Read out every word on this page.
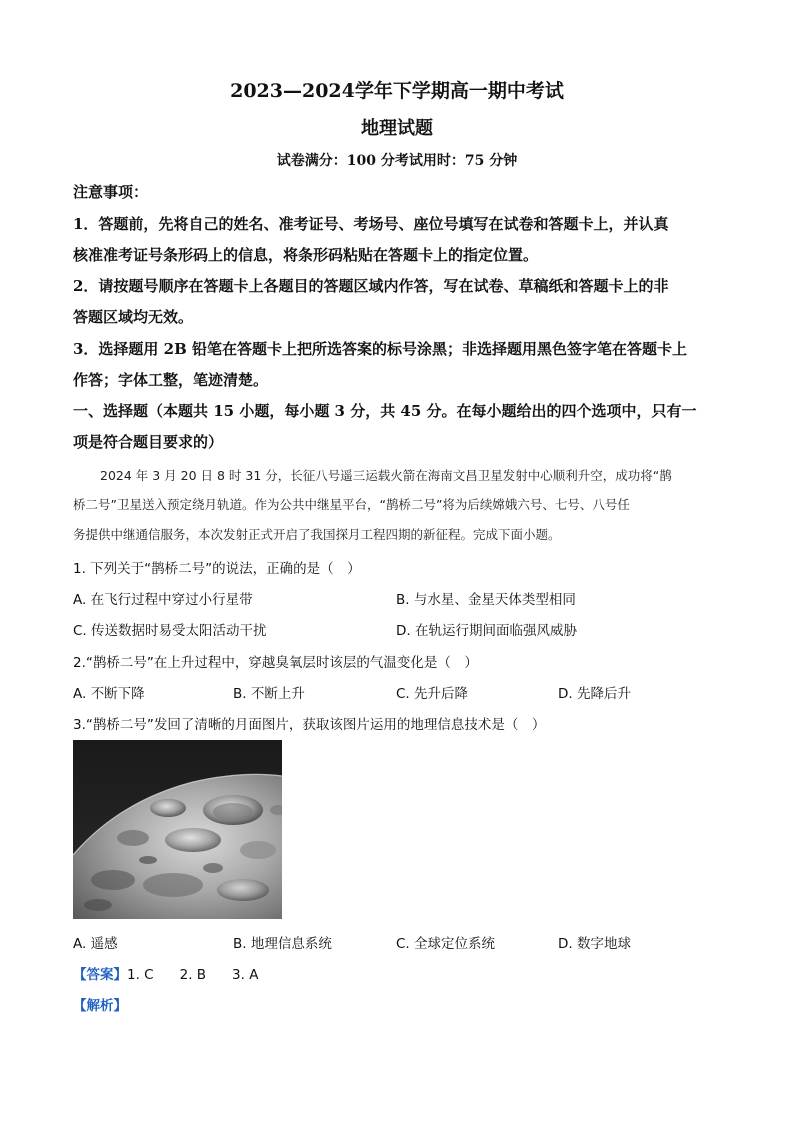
2023—2024学年下学期高一期中考试
地理试题
试卷满分：100 分考试用时：75 分钟
注意事项：
1．答题前，先将自己的姓名、准考证号、考场号、座位号填写在试卷和答题卡上，并认真
核准准考证号条形码上的信息，将条形码粘贴在答题卡上的指定位置。
2．请按题号顺序在答题卡上各题目的答题区域内作答，写在试卷、草稿纸和答题卡上的非
答题区域均无效。
3．选择题用 2B 铅笔在答题卡上把所选答案的标号涂黑；非选择题用黑色签字笔在答题卡上
作答；字体工整，笔迹清楚。
一、选择题（本题共 15 小题，每小题 3 分，共 45 分。在每小题给出的四个选项中，只有一
项是符合题目要求的）
2024 年 3 月 20 日 8 时 31 分，长征八号遥三运载火箭在海南文昌卫星发射中心顺利升空，成功将“鹊
桥二号”卫星送入预定绕月轨道。作为公共中继星平台，“鹊桥二号”将为后续嫦娥六号、七号、八号任
务提供中继通信服务，本次发射正式开启了我国探月工程四期的新征程。完成下面小题。
1. 下列关于“鹊桥二号”的说法，正确的是（　）
A. 在飞行过程中穿过小行星带	B. 与水星、金星天体类型相同
C. 传送数据时易受太阳活动干扰	D. 在轨运行期间面临强风威胁
2.“鹊桥二号”在上升过程中，穿越臭氧层时该层的气温变化是（　）
A. 不断下降	B. 不断上升	C. 先升后降	D. 先降后升
3.“鹊桥二号”发回了清晰的月面图片，获取该图片运用的地理信息技术是（　）
A. 遥感	B. 地理信息系统	C. 全球定位系统	D. 数字地球
【答案】1. C 2. B 3. A
【解析】
